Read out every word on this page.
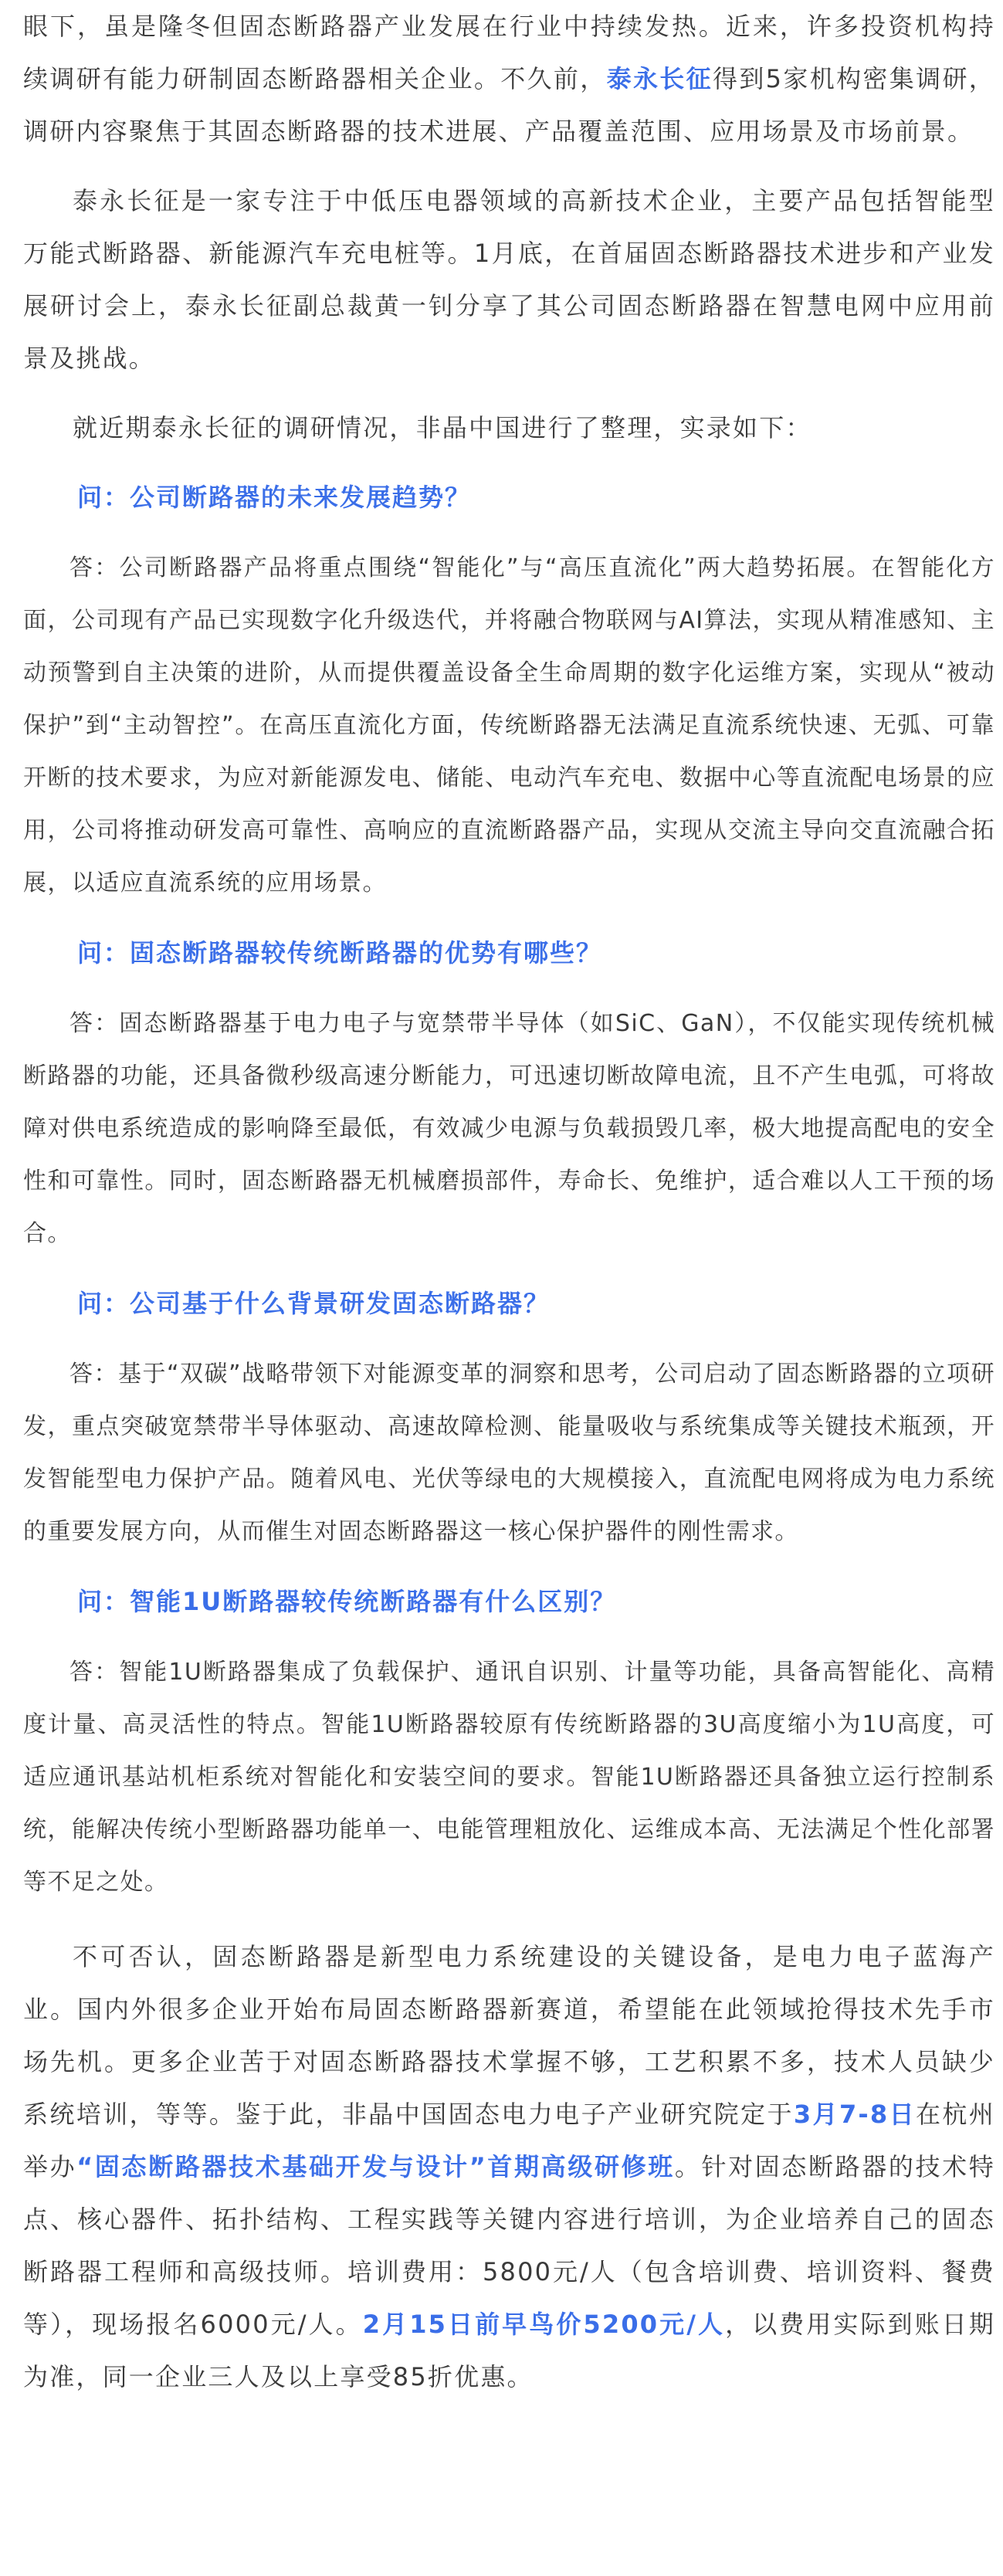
眼下，虽是隆冬但固态断路器产业发展在行业中持续发热。近来，许多投资机构持续调研有能力研制固态断路器相关企业。不久前，泰永长征得到5家机构密集调研，调研内容聚焦于其固态断路器的技术进展、产品覆盖范围、应用场景及市场前景。

泰永长征是一家专注于中低压电器领域的高新技术企业，主要产品包括智能型万能式断路器、新能源汽车充电桩等。1月底，在首届固态断路器技术进步和产业发展研讨会上，泰永长征副总裁黄一钊分享了其公司固态断路器在智慧电网中应用前景及挑战。

就近期泰永长征的调研情况，非晶中国进行了整理，实录如下：

问：公司断路器的未来发展趋势？

答：公司断路器产品将重点围绕“智能化”与“高压直流化”两大趋势拓展。在智能化方面，公司现有产品已实现数字化升级迭代，并将融合物联网与AI算法，实现从精准感知、主动预警到自主决策的进阶，从而提供覆盖设备全生命周期的数字化运维方案，实现从“被动保护”到“主动智控”。在高压直流化方面，传统断路器无法满足直流系统快速、无弧、可靠开断的技术要求，为应对新能源发电、储能、电动汽车充电、数据中心等直流配电场景的应用，公司将推动研发高可靠性、高响应的直流断路器产品，实现从交流主导向交直流融合拓展，以适应直流系统的应用场景。

问：固态断路器较传统断路器的优势有哪些？

答：固态断路器基于电力电子与宽禁带半导体（如SiC、GaN），不仅能实现传统机械断路器的功能，还具备微秒级高速分断能力，可迅速切断故障电流，且不产生电弧，可将故障对供电系统造成的影响降至最低，有效减少电源与负载损毁几率，极大地提高配电的安全性和可靠性。同时，固态断路器无机械磨损部件，寿命长、免维护，适合难以人工干预的场合。

问：公司基于什么背景研发固态断路器？

答：基于“双碳”战略带领下对能源变革的洞察和思考，公司启动了固态断路器的立项研发，重点突破宽禁带半导体驱动、高速故障检测、能量吸收与系统集成等关键技术瓶颈，开发智能型电力保护产品。随着风电、光伏等绿电的大规模接入，直流配电网将成为电力系统的重要发展方向，从而催生对固态断路器这一核心保护器件的刚性需求。

问：智能1U断路器较传统断路器有什么区别？

答：智能1U断路器集成了负载保护、通讯自识别、计量等功能，具备高智能化、高精度计量、高灵活性的特点。智能1U断路器较原有传统断路器的3U高度缩小为1U高度，可适应通讯基站机柜系统对智能化和安装空间的要求。智能1U断路器还具备独立运行控制系统，能解决传统小型断路器功能单一、电能管理粗放化、运维成本高、无法满足个性化部署等不足之处。

不可否认，固态断路器是新型电力系统建设的关键设备，是电力电子蓝海产业。国内外很多企业开始布局固态断路器新赛道，希望能在此领域抢得技术先手市场先机。更多企业苦于对固态断路器技术掌握不够，工艺积累不多，技术人员缺少系统培训，等等。鉴于此，非晶中国固态电力电子产业研究院定于3月7-8日在杭州举办“固态断路器技术基础开发与设计”首期高级研修班。针对固态断路器的技术特点、核心器件、拓扑结构、工程实践等关键内容进行培训，为企业培养自己的固态断路器工程师和高级技师。培训费用：5800元/人（包含培训费、培训资料、餐费等），现场报名6000元/人。2月15日前早鸟价5200元/人，以费用实际到账日期为准，同一企业三人及以上享受85折优惠。
